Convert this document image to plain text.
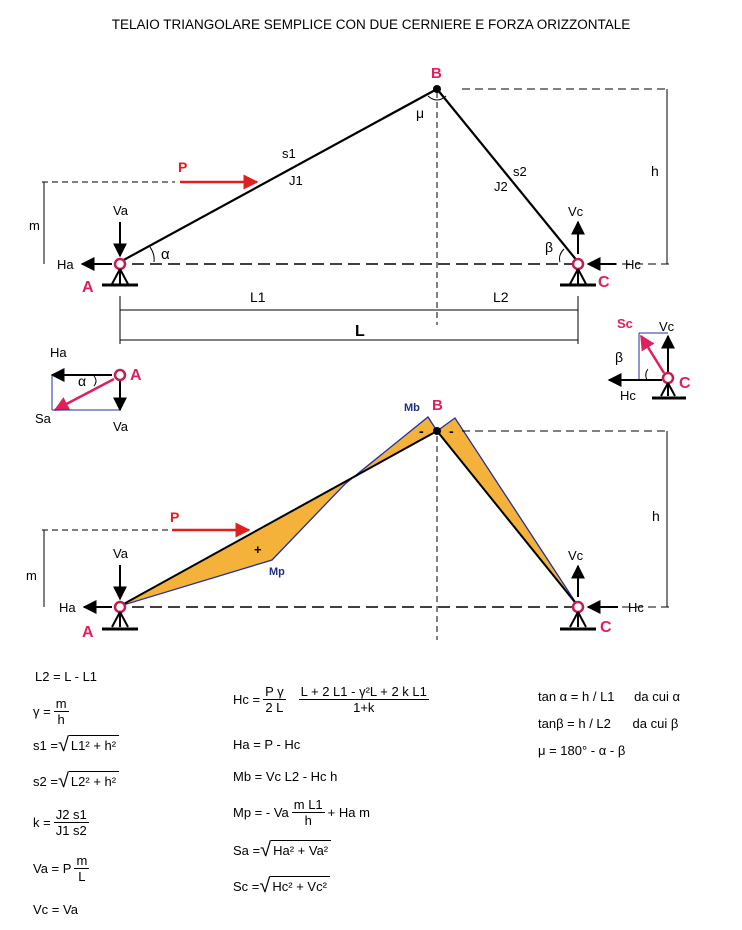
TELAIO TRIANGOLARE SEMPLICE CON DUE CERNIERE E FORZA ORIZZONTALE
B
A	C
μ
α	β
s1
J1
s2
J2
P
m
Va
Ha
Vc
Hc
h
L1	L2
L
Ha
A
α
Sa
Va
Sc Vc
β
Hc
C
Mb B
- -
+
Mp
P
m
Va
Ha
Vc
Hc
A	C
h
L2 = L - L1
$\gamma = \frac{m}{h}$
s1 = √ L1² + h²
s2 = √ L2² + h²
$k = \frac{J2 s1}{J1 s2}$
Va = P $\frac{m}{L}$
Vc = Va
$Hc = \frac{\text{P γ}}{2 L} \frac{\text{L + 2 L1 - γ²L + 2 k L1}}{1+k}$
Ha = P - Hc
Mb = Vc L2 - Hc h
Mp = - Va $\frac{\text{m L1}}{h} + Ha$ m
Sa = √ Ha² + Va²
Sc = √ Hc² + Vc²
tan α = h / L1 da cui α
tanβ = h / L2 da cui β
μ = 180° - α - β
